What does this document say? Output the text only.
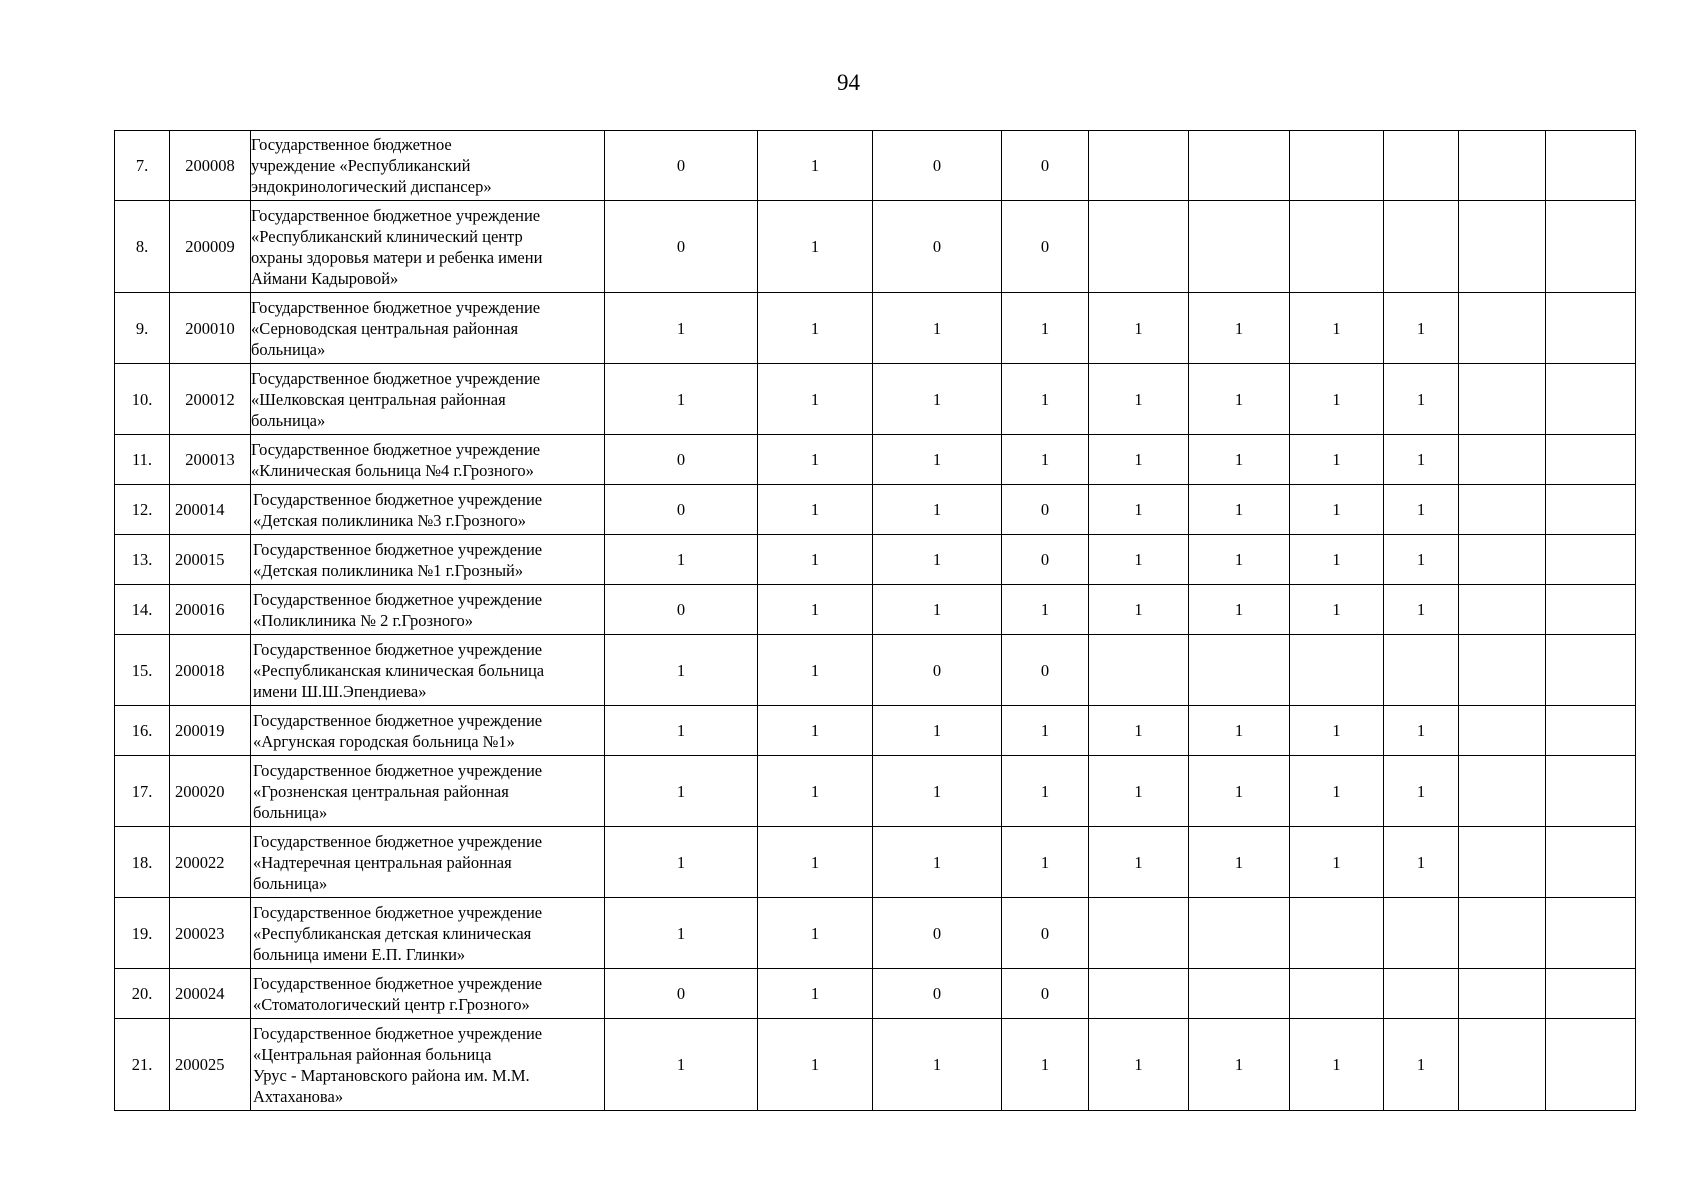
94
7.	200008	Государственное бюджетное
учреждение «Республиканский
эндокринологический диспансер»	0	1	0	0						
8.	200009	Государственное бюджетное учреждение
«Республиканский клинический центр
охраны здоровья матери и ребенка имени
Аймани Кадыровой»	0	1	0	0						
9.	200010	Государственное бюджетное учреждение
«Серноводская центральная районная
больница»	1	1	1	1	1	1	1	1		
10.	200012	Государственное бюджетное учреждение
«Шелковская центральная районная
больница»	1	1	1	1	1	1	1	1		
11.	200013	Государственное бюджетное учреждение
«Клиническая больница №4 г.Грозного»	0	1	1	1	1	1	1	1		
12.	200014	Государственное бюджетное учреждение
«Детская поликлиника №3 г.Грозного»	0	1	1	0	1	1	1	1		
13.	200015	Государственное бюджетное учреждение
«Детская поликлиника №1 г.Грозный»	1	1	1	0	1	1	1	1		
14.	200016	Государственное бюджетное учреждение
«Поликлиника № 2 г.Грозного»	0	1	1	1	1	1	1	1		
15.	200018	Государственное бюджетное учреждение
«Республиканская клиническая больница
имени Ш.Ш.Эпендиева»	1	1	0	0						
16.	200019	Государственное бюджетное учреждение
«Аргунская городская больница №1»	1	1	1	1	1	1	1	1		
17.	200020	Государственное бюджетное учреждение
«Грозненская центральная районная
больница»	1	1	1	1	1	1	1	1		
18.	200022	Государственное бюджетное учреждение
«Надтеречная центральная районная
больница»	1	1	1	1	1	1	1	1		
19.	200023	Государственное бюджетное учреждение
«Республиканская детская клиническая
больница имени Е.П. Глинки»	1	1	0	0						
20.	200024	Государственное бюджетное учреждение
«Стоматологический центр г.Грозного»	0	1	0	0						
21.	200025	Государственное бюджетное учреждение
«Центральная районная больница
Урус - Мартановского района им. М.М.
Ахтаханова»	1	1	1	1	1	1	1	1		
